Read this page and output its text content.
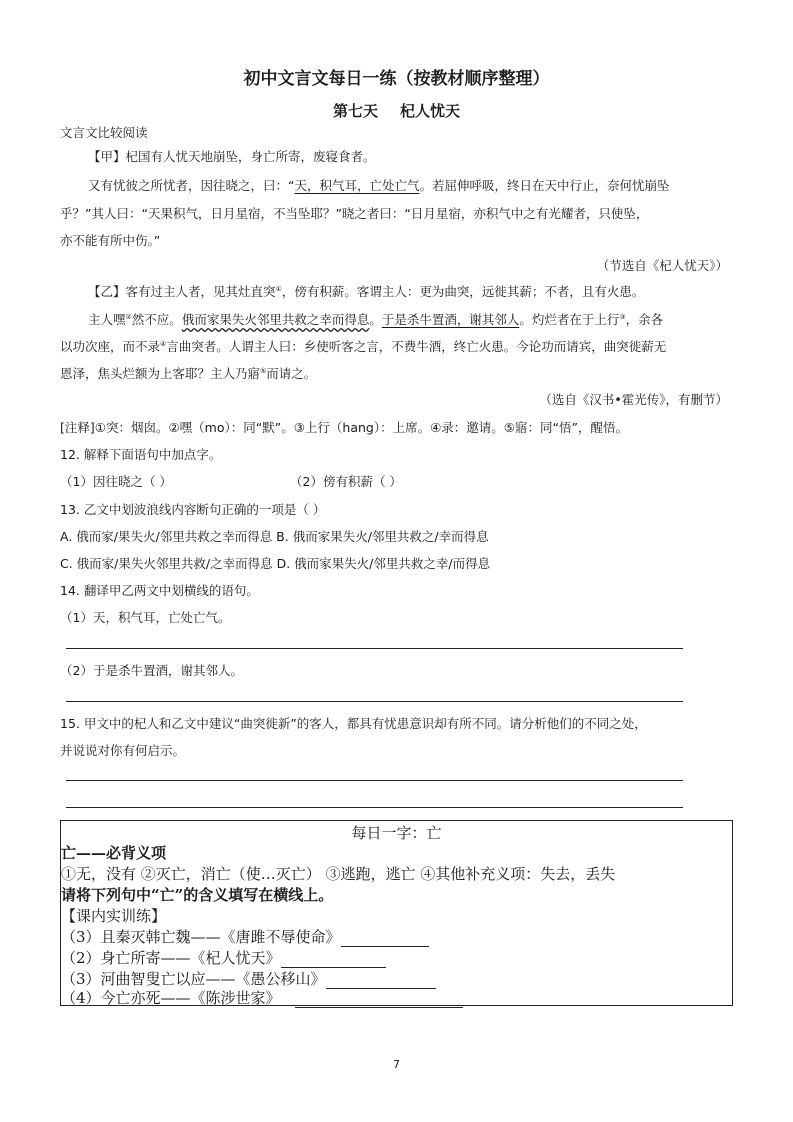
初中文言文每日一练（按教材顺序整理）
第七天 杞人忧天
文言文比较阅读
【甲】杞国有人忧天地崩坠，身亡所寄，废寝食者。
又有忧彼之所忧者，因往晓之，曰：“天，积气耳，亡处亡气。若屈伸呼吸，终日在天中行止，奈何忧崩坠
乎？”其人曰：“天果积气，日月星宿，不当坠耶？”晓之者曰：“日月星宿，亦积气中之有光耀者，只使坠，
亦不能有所中伤。”
（节选自《杞人忧天》）
【乙】客有过主人者，见其灶直突①，傍有积薪。客谓主人：更为曲突，远徙其薪；不者，且有火患。
主人嘿②然不应。俄而家果失火邻里共救之幸而得息。于是杀牛置酒，谢其邻人。灼烂者在于上行③，余各
以功次座，而不录④言曲突者。人谓主人曰：乡使听客之言，不费牛酒，终亡火患。今论功而请宾，曲突徙薪无
恩泽，焦头烂额为上客耶？主人乃寤⑤而请之。
（选自《汉书•霍光传》，有删节）
[注释]①突：烟囱。②嘿（mo）：同“默”。③上行（hang）：上席。④录：邀请。⑤寤：同“悟”，醒悟。
12. 解释下面语句中加点字。
（1）因往晓之（ ）	（2）傍有积薪（ ）
13. 乙文中划波浪线内容断句正确的一项是（ ）
A. 俄而家/果失火/邻里共救之幸而得息 B. 俄而家果失火/邻里共救之/幸而得息
C. 俄而家/果失火邻里共救/之幸而得息 D. 俄而家果失火/邻里共救之幸/而得息
14. 翻译甲乙两文中划横线的语句。
（1）天，积气耳，亡处亡气。
（2）于是杀牛置酒，谢其邻人。
15. 甲文中的杞人和乙文中建议“曲突徙新”的客人，都具有忧患意识却有所不同。请分析他们的不同之处，
并说说对你有何启示。
每日一字：亡
亡——必背义项
①无，没有 ②灭亡，消亡（使…灭亡） ③逃跑，逃亡 ④其他补充义项：失去，丢失
请将下列句中“亡”的含义填写在横线上。
【课内实训练】
（3）且秦灭韩亡魏——《唐雎不辱使命》
（2）身亡所寄——《杞人忧天》
（3）河曲智叟亡以应——《愚公移山》
（4）今亡亦死——《陈涉世家》
7
